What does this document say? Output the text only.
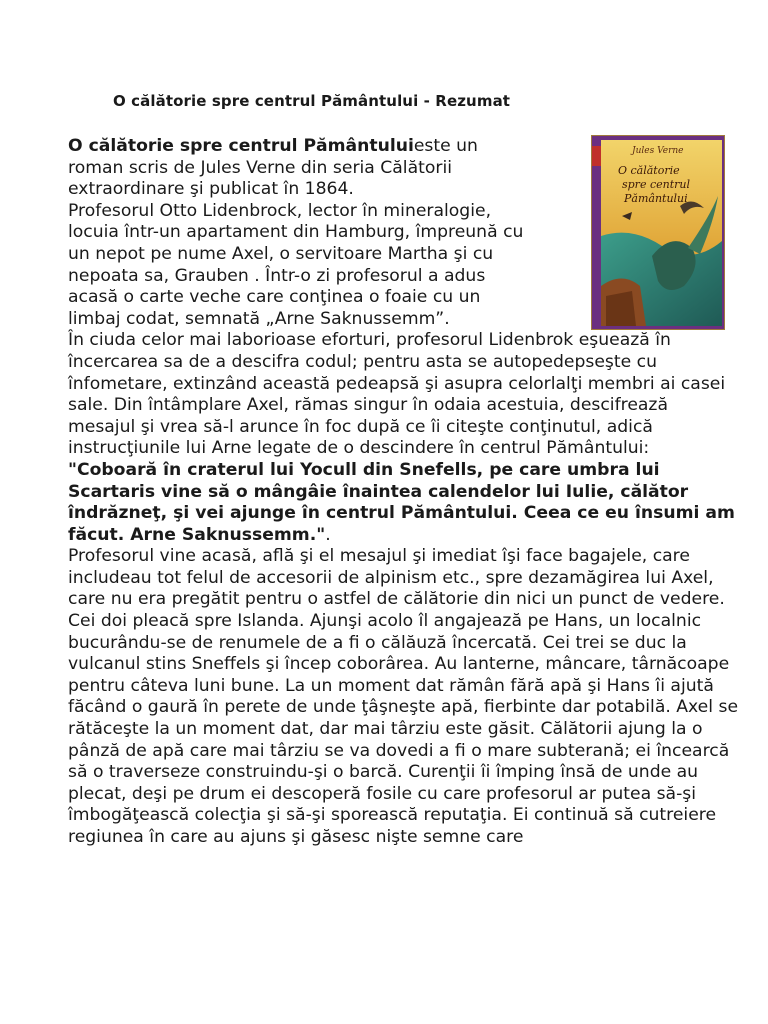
O călătorie spre centrul Pământului - Rezumat
Jules Verne
O călătorie
spre centrul
Pământului
O călătorie spre centrul Pământuluieste un
roman scris de Jules Verne din seria Călătorii
extraordinare şi publicat în 1864.
Profesorul Otto Lidenbrock, lector în mineralogie,
locuia într-un apartament din Hamburg, împreună cu
un nepot pe nume Axel, o servitoare Martha şi cu
nepoata sa, Grauben . Într-o zi profesorul a adus
acasă o carte veche care conţinea o foaie cu un
limbaj codat, semnată „Arne Saknussemm”.

În ciuda celor mai laborioase eforturi, profesorul Lidenbrok eşuează în încercarea sa de a descifra codul; pentru asta se autopedepseşte cu înfometare, extinzând această pedeapsă şi asupra celorlalţi membri ai casei sale. Din întâmplare Axel, rămas singur în odaia acestuia, descifrează mesajul şi vrea să-l arunce în foc după ce îi citeşte conţinutul, adică instrucţiunile lui Arne legate de o descindere în centrul Pământului: "Coboară în craterul lui Yocull din Snefells, pe care umbra lui Scartaris vine să o mângâie înaintea calendelor lui Iulie, călător îndrăzneţ, şi vei ajunge în centrul Pământului. Ceea ce eu însumi am făcut. Arne Saknussemm.".

Profesorul vine acasă, află şi el mesajul şi imediat îşi face bagajele, care includeau tot felul de accesorii de alpinism etc., spre dezamăgirea lui Axel, care nu era pregătit pentru o astfel de călătorie din nici un punct de vedere.

Cei doi pleacă spre Islanda. Ajunşi acolo îl angajează pe Hans, un localnic bucurându-se de renumele de a fi o călăuză încercată. Cei trei se duc la vulcanul stins Sneffels şi încep coborârea. Au lanterne, mâncare, târnăcoape pentru câteva luni bune. La un moment dat rămân fără apă şi Hans îi ajută făcând o gaură în perete de unde ţâşneşte apă, fierbinte dar potabilă. Axel se rătăceşte la un moment dat, dar mai târziu este găsit. Călătorii ajung la o pânză de apă care mai târziu se va dovedi a fi o mare subterană; ei încearcă să o traverseze construindu-şi o barcă. Curenţii îi împing însă de unde au plecat, deşi pe drum ei descoperă fosile cu care profesorul ar putea să-şi îmbogăţească colecţia şi să-şi sporească reputaţia. Ei continuă să cutreiere regiunea în care au ajuns şi găsesc nişte semne care
